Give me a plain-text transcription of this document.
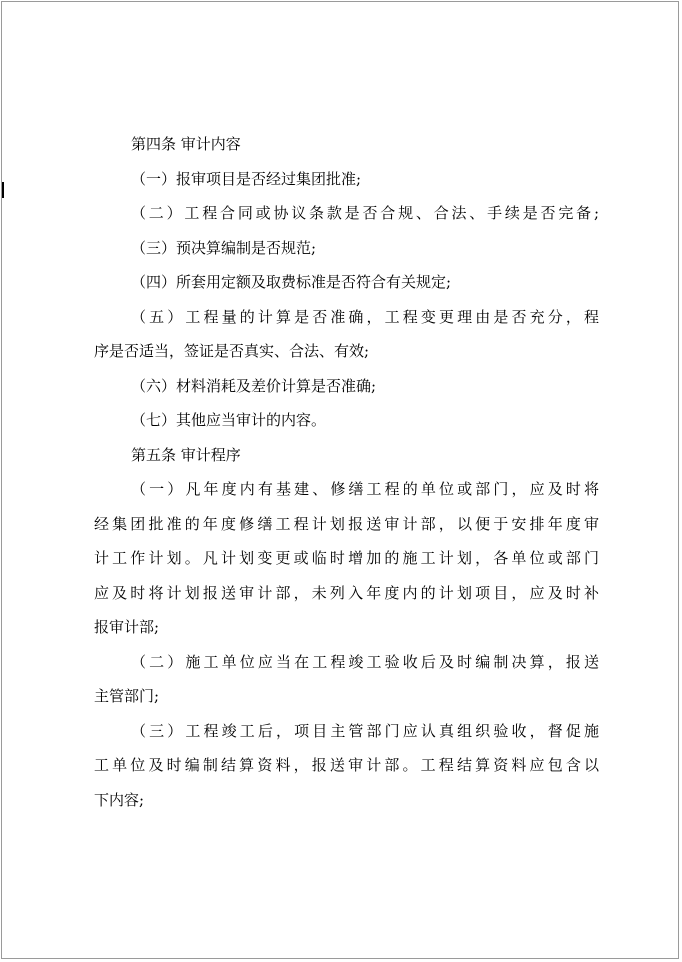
第四条 审计内容
（一）报审项目是否经过集团批准;
（二）工程合同或协议条款是否合规、合法、手续是否完备;
（三）预决算编制是否规范;
（四）所套用定额及取费标准是否符合有关规定;
（五）工程量的计算是否准确，工程变更理由是否充分，程
序是否适当，签证是否真实、合法、有效;
（六）材料消耗及差价计算是否准确;
（七）其他应当审计的内容。
第五条 审计程序
（一）凡年度内有基建、修缮工程的单位或部门，应及时将
经集团批准的年度修缮工程计划报送审计部，以便于安排年度审
计工作计划。凡计划变更或临时增加的施工计划，各单位或部门
应及时将计划报送审计部，未列入年度内的计划项目，应及时补
报审计部;
（二）施工单位应当在工程竣工验收后及时编制决算，报送
主管部门;
（三）工程竣工后，项目主管部门应认真组织验收，督促施
工单位及时编制结算资料，报送审计部。工程结算资料应包含以
下内容;
